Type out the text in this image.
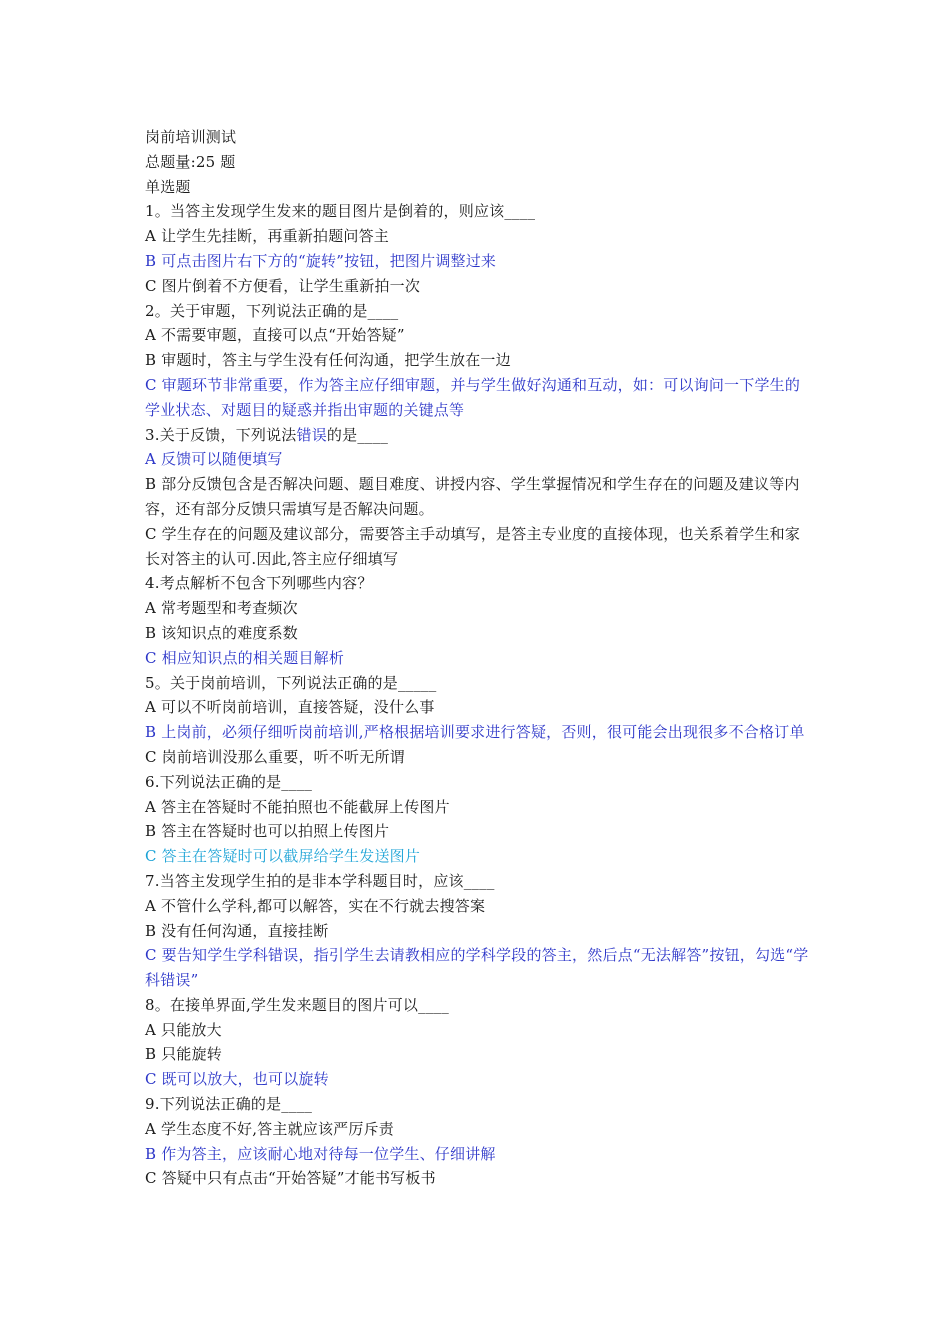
岗前培训测试
总题量:25 题
单选题
1。当答主发现学生发来的题目图片是倒着的，则应该____
A 让学生先挂断，再重新拍题问答主
B 可点击图片右下方的“旋转”按钮，把图片调整过来
C 图片倒着不方便看，让学生重新拍一次
2。关于审题，下列说法正确的是____
A 不需要审题，直接可以点“开始答疑”
B 审题时，答主与学生没有任何沟通，把学生放在一边
C 审题环节非常重要，作为答主应仔细审题，并与学生做好沟通和互动，如：可以询问一下学生的学业状态、对题目的疑惑并指出审题的关键点等
3.关于反馈，下列说法错误的是____
A 反馈可以随便填写
B 部分反馈包含是否解决问题、题目难度、讲授内容、学生掌握情况和学生存在的问题及建议等内容，还有部分反馈只需填写是否解决问题。
C 学生存在的问题及建议部分，需要答主手动填写，是答主专业度的直接体现，也关系着学生和家长对答主的认可.因此,答主应仔细填写
4.考点解析不包含下列哪些内容？
A 常考题型和考查频次
B 该知识点的难度系数
C 相应知识点的相关题目解析
5。关于岗前培训，下列说法正确的是_____
A 可以不听岗前培训，直接答疑，没什么事
B 上岗前，必须仔细听岗前培训,严格根据培训要求进行答疑，否则，很可能会出现很多不合格订单
C 岗前培训没那么重要，听不听无所谓
6.下列说法正确的是____
A 答主在答疑时不能拍照也不能截屏上传图片
B 答主在答疑时也可以拍照上传图片
C 答主在答疑时可以截屏给学生发送图片
7.当答主发现学生拍的是非本学科题目时，应该____
A 不管什么学科,都可以解答，实在不行就去搜答案
B 没有任何沟通，直接挂断
C 要告知学生学科错误，指引学生去请教相应的学科学段的答主，然后点“无法解答”按钮，勾选“学科错误”
8。在接单界面,学生发来题目的图片可以____
A 只能放大
B 只能旋转
C 既可以放大，也可以旋转
9.下列说法正确的是____
A 学生态度不好,答主就应该严厉斥责
B 作为答主，应该耐心地对待每一位学生、仔细讲解
C 答疑中只有点击“开始答疑”才能书写板书
